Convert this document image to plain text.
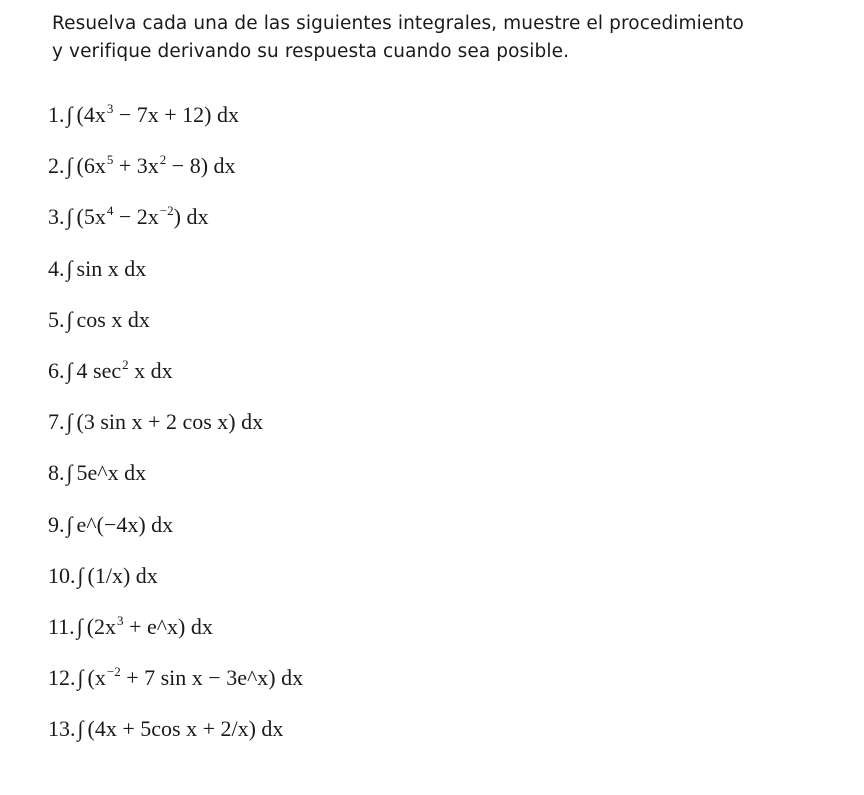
Resuelva cada una de las siguientes integrales, muestre el procedimiento
y verifique derivando su respuesta cuando sea posible.
1.∫ $(4x^3 - 7x + 12)$ dx
2.∫ $(6x^5 + 3x^2 - 8)$ dx
3.∫ $(5x^4 - 2x^{-2})$ dx
4.∫ sin x dx
5.∫ cos x dx
6.∫ 4 $\sec^2 x$ dx
7.∫ (3 sin x + 2 cos x) dx
8.∫ 5e^x dx
9.∫ e^(−4x) dx
10.∫ (1/x) dx
11.∫ ($2x^3$ + e^x) dx
12.∫ ($x^{-2} + 7$ sin x − 3e^x) dx
13.∫ (4x + 5cos x + 2/x) dx
